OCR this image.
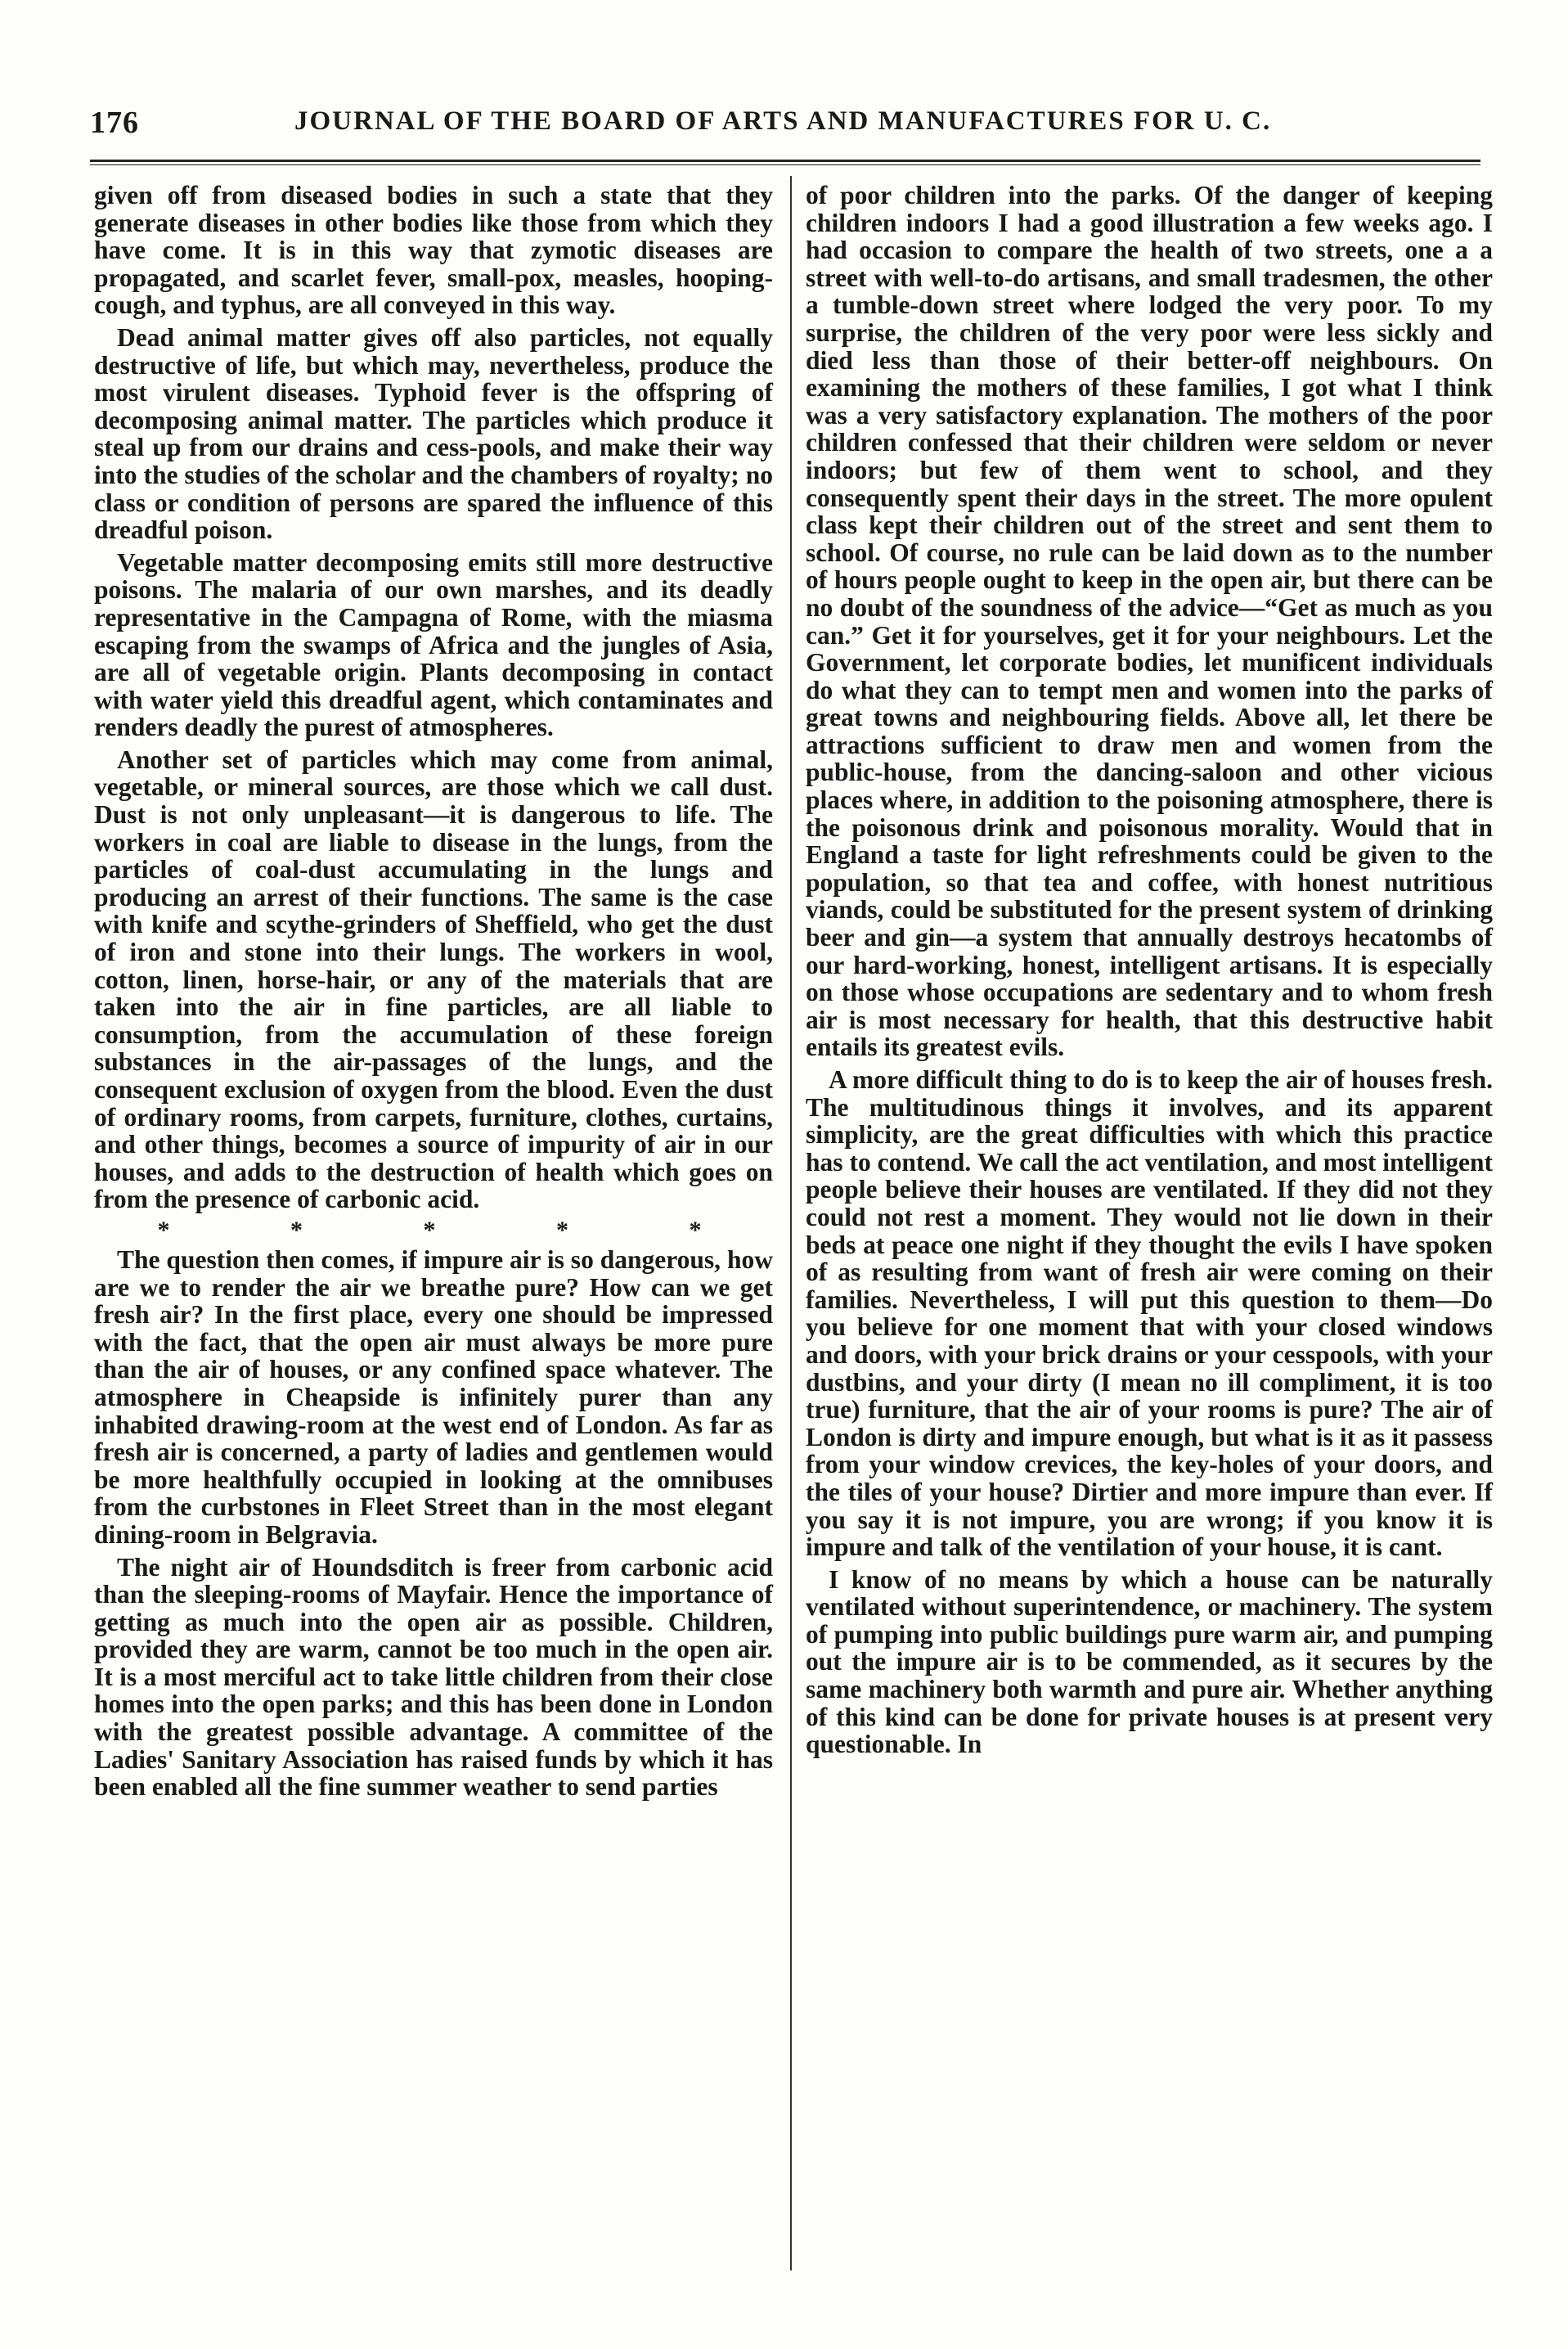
176	JOURNAL OF THE BOARD OF ARTS AND MANUFACTURES FOR U. C.

given off from diseased bodies in such a state that they generate diseases in other bodies like those from which they have come. It is in this way that zymotic diseases are propagated, and scarlet fever, small-pox, measles, hooping-cough, and typhus, are all conveyed in this way.

Dead animal matter gives off also particles, not equally destructive of life, but which may, nevertheless, produce the most virulent diseases. Typhoid fever is the offspring of decomposing animal matter. The particles which produce it steal up from our drains and cess-pools, and make their way into the studies of the scholar and the chambers of royalty; no class or condition of persons are spared the influence of this dreadful poison.

Vegetable matter decomposing emits still more destructive poisons. The malaria of our own marshes, and its deadly representative in the Campagna of Rome, with the miasma escaping from the swamps of Africa and the jungles of Asia, are all of vegetable origin. Plants decomposing in contact with water yield this dreadful agent, which contaminates and renders deadly the purest of atmospheres.

Another set of particles which may come from animal, vegetable, or mineral sources, are those which we call dust. Dust is not only unpleasant—it is dangerous to life. The workers in coal are liable to disease in the lungs, from the particles of coal-dust accumulating in the lungs and producing an arrest of their functions. The same is the case with knife and scythe-grinders of Sheffield, who get the dust of iron and stone into their lungs. The workers in wool, cotton, linen, horse-hair, or any of the materials that are taken into the air in fine particles, are all liable to consumption, from the accumulation of these foreign substances in the air-passages of the lungs, and the consequent exclusion of oxygen from the blood. Even the dust of ordinary rooms, from carpets, furniture, clothes, curtains, and other things, becomes a source of impurity of air in our houses, and adds to the destruction of health which goes on from the presence of carbonic acid.

* * * * *

The question then comes, if impure air is so dangerous, how are we to render the air we breathe pure? How can we get fresh air? In the first place, every one should be impressed with the fact, that the open air must always be more pure than the air of houses, or any confined space whatever. The atmosphere in Cheapside is infinitely purer than any inhabited drawing-room at the west end of London. As far as fresh air is concerned, a party of ladies and gentlemen would be more healthfully occupied in looking at the omnibuses from the curbstones in Fleet Street than in the most elegant dining-room in Belgravia.

The night air of Houndsditch is freer from carbonic acid than the sleeping-rooms of Mayfair. Hence the importance of getting as much into the open air as possible. Children, provided they are warm, cannot be too much in the open air. It is a most merciful act to take little children from their close homes into the open parks; and this has been done in London with the greatest possible advantage. A committee of the Ladies' Sanitary Association has raised funds by which it has been enabled all the fine summer weather to send parties

of poor children into the parks. Of the danger of keeping children indoors I had a good illustration a few weeks ago. I had occasion to compare the health of two streets, one a a street with well-to-do artisans, and small tradesmen, the other a tumble-down street where lodged the very poor. To my surprise, the children of the very poor were less sickly and died less than those of their better-off neighbours. On examining the mothers of these families, I got what I think was a very satisfactory explanation. The mothers of the poor children confessed that their children were seldom or never indoors; but few of them went to school, and they consequently spent their days in the street. The more opulent class kept their children out of the street and sent them to school. Of course, no rule can be laid down as to the number of hours people ought to keep in the open air, but there can be no doubt of the soundness of the advice—“Get as much as you can.” Get it for yourselves, get it for your neighbours. Let the Government, let corporate bodies, let munificent individuals do what they can to tempt men and women into the parks of great towns and neighbouring fields. Above all, let there be attractions sufficient to draw men and women from the public-house, from the dancing-saloon and other vicious places where, in addition to the poisoning atmosphere, there is the poisonous drink and poisonous morality. Would that in England a taste for light refreshments could be given to the population, so that tea and coffee, with honest nutritious viands, could be substituted for the present system of drinking beer and gin—a system that annually destroys hecatombs of our hard-working, honest, intelligent artisans. It is especially on those whose occupations are sedentary and to whom fresh air is most necessary for health, that this destructive habit entails its greatest evils.

A more difficult thing to do is to keep the air of houses fresh. The multitudinous things it involves, and its apparent simplicity, are the great difficulties with which this practice has to contend. We call the act ventilation, and most intelligent people believe their houses are ventilated. If they did not they could not rest a moment. They would not lie down in their beds at peace one night if they thought the evils I have spoken of as resulting from want of fresh air were coming on their families. Nevertheless, I will put this question to them—Do you believe for one moment that with your closed windows and doors, with your brick drains or your cesspools, with your dustbins, and your dirty (I mean no ill compliment, it is too true) furniture, that the air of your rooms is pure? The air of London is dirty and impure enough, but what is it as it passess from your window crevices, the key-holes of your doors, and the tiles of your house? Dirtier and more impure than ever. If you say it is not impure, you are wrong; if you know it is impure and talk of the ventilation of your house, it is cant.

I know of no means by which a house can be naturally ventilated without superintendence, or machinery. The system of pumping into public buildings pure warm air, and pumping out the impure air is to be commended, as it secures by the same machinery both warmth and pure air. Whether anything of this kind can be done for private houses is at present very questionable. In
